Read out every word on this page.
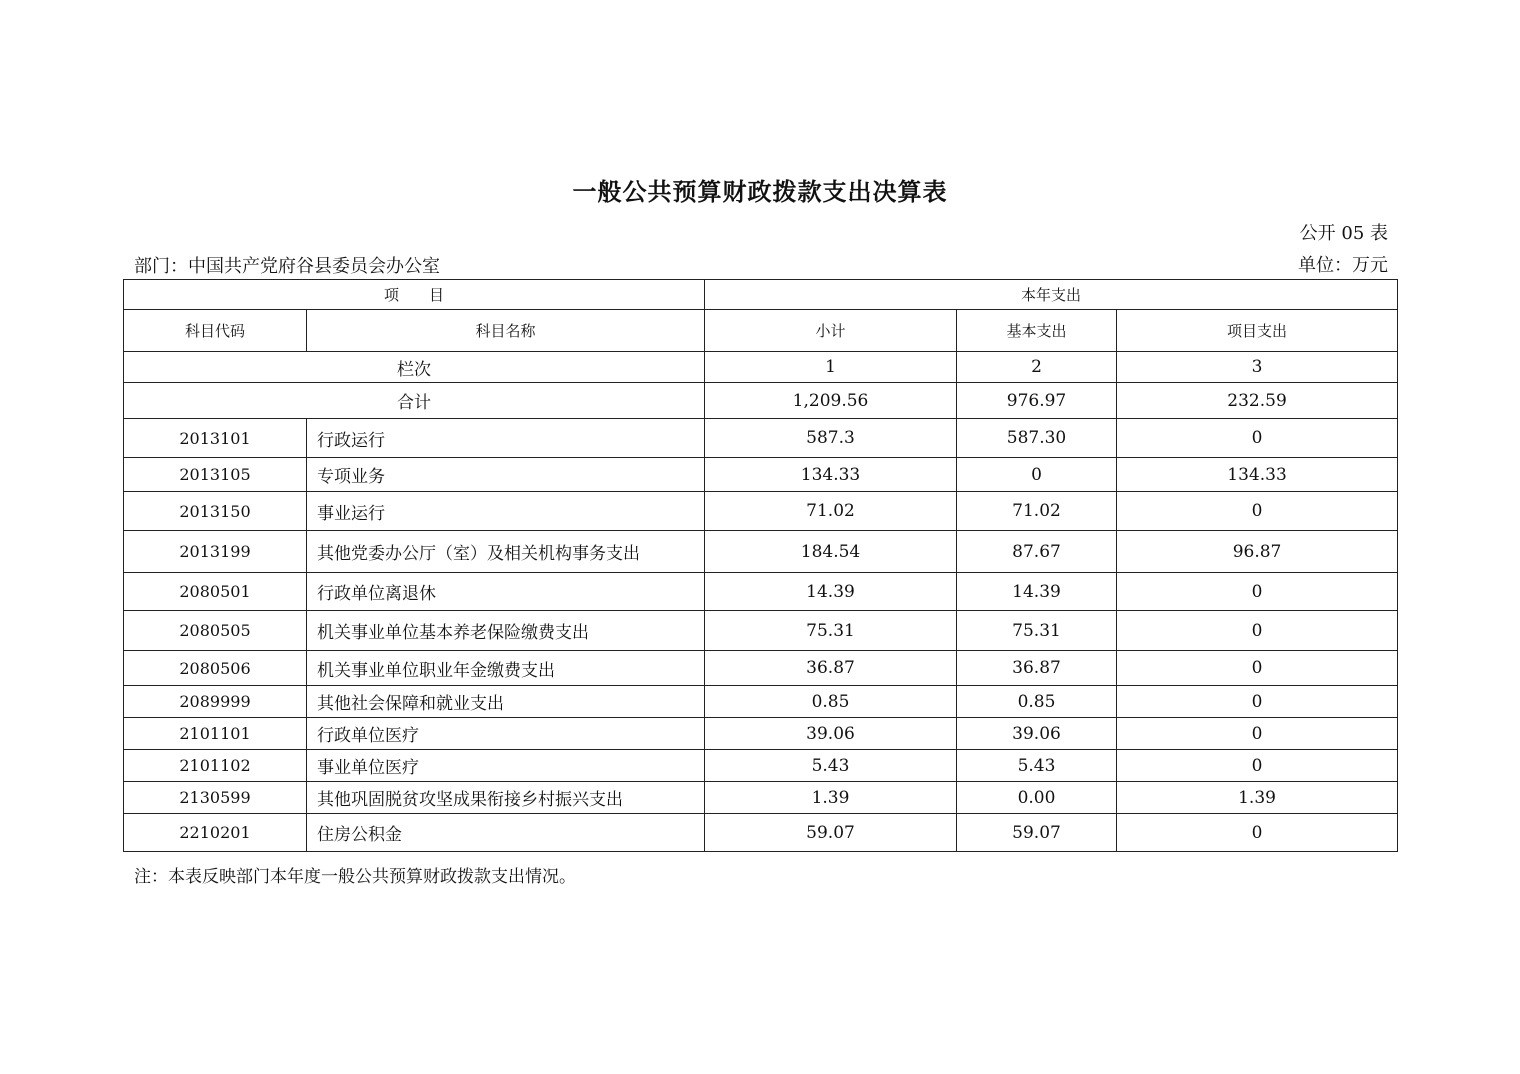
一般公共预算财政拨款支出决算表
公开 05 表
部门：中国共产党府谷县委员会办公室	单位：万元
项　　目		本年支出		
科目代码	科目名称	小计	基本支出	项目支出
栏次		1	2	3
合计		1,209.56	976.97	232.59
2013101	行政运行	587.3	587.30	0
2013105	专项业务	134.33	0	134.33
2013150	事业运行	71.02	71.02	0
2013199	其他党委办公厅（室）及相关机构事务支出	184.54	87.67	96.87
2080501	行政单位离退休	14.39	14.39	0
2080505	机关事业单位基本养老保险缴费支出	75.31	75.31	0
2080506	机关事业单位职业年金缴费支出	36.87	36.87	0
2089999	其他社会保障和就业支出	0.85	0.85	0
2101101	行政单位医疗	39.06	39.06	0
2101102	事业单位医疗	5.43	5.43	0
2130599	其他巩固脱贫攻坚成果衔接乡村振兴支出	1.39	0.00	1.39
2210201	住房公积金	59.07	59.07	0
注：本表反映部门本年度一般公共预算财政拨款支出情况。
